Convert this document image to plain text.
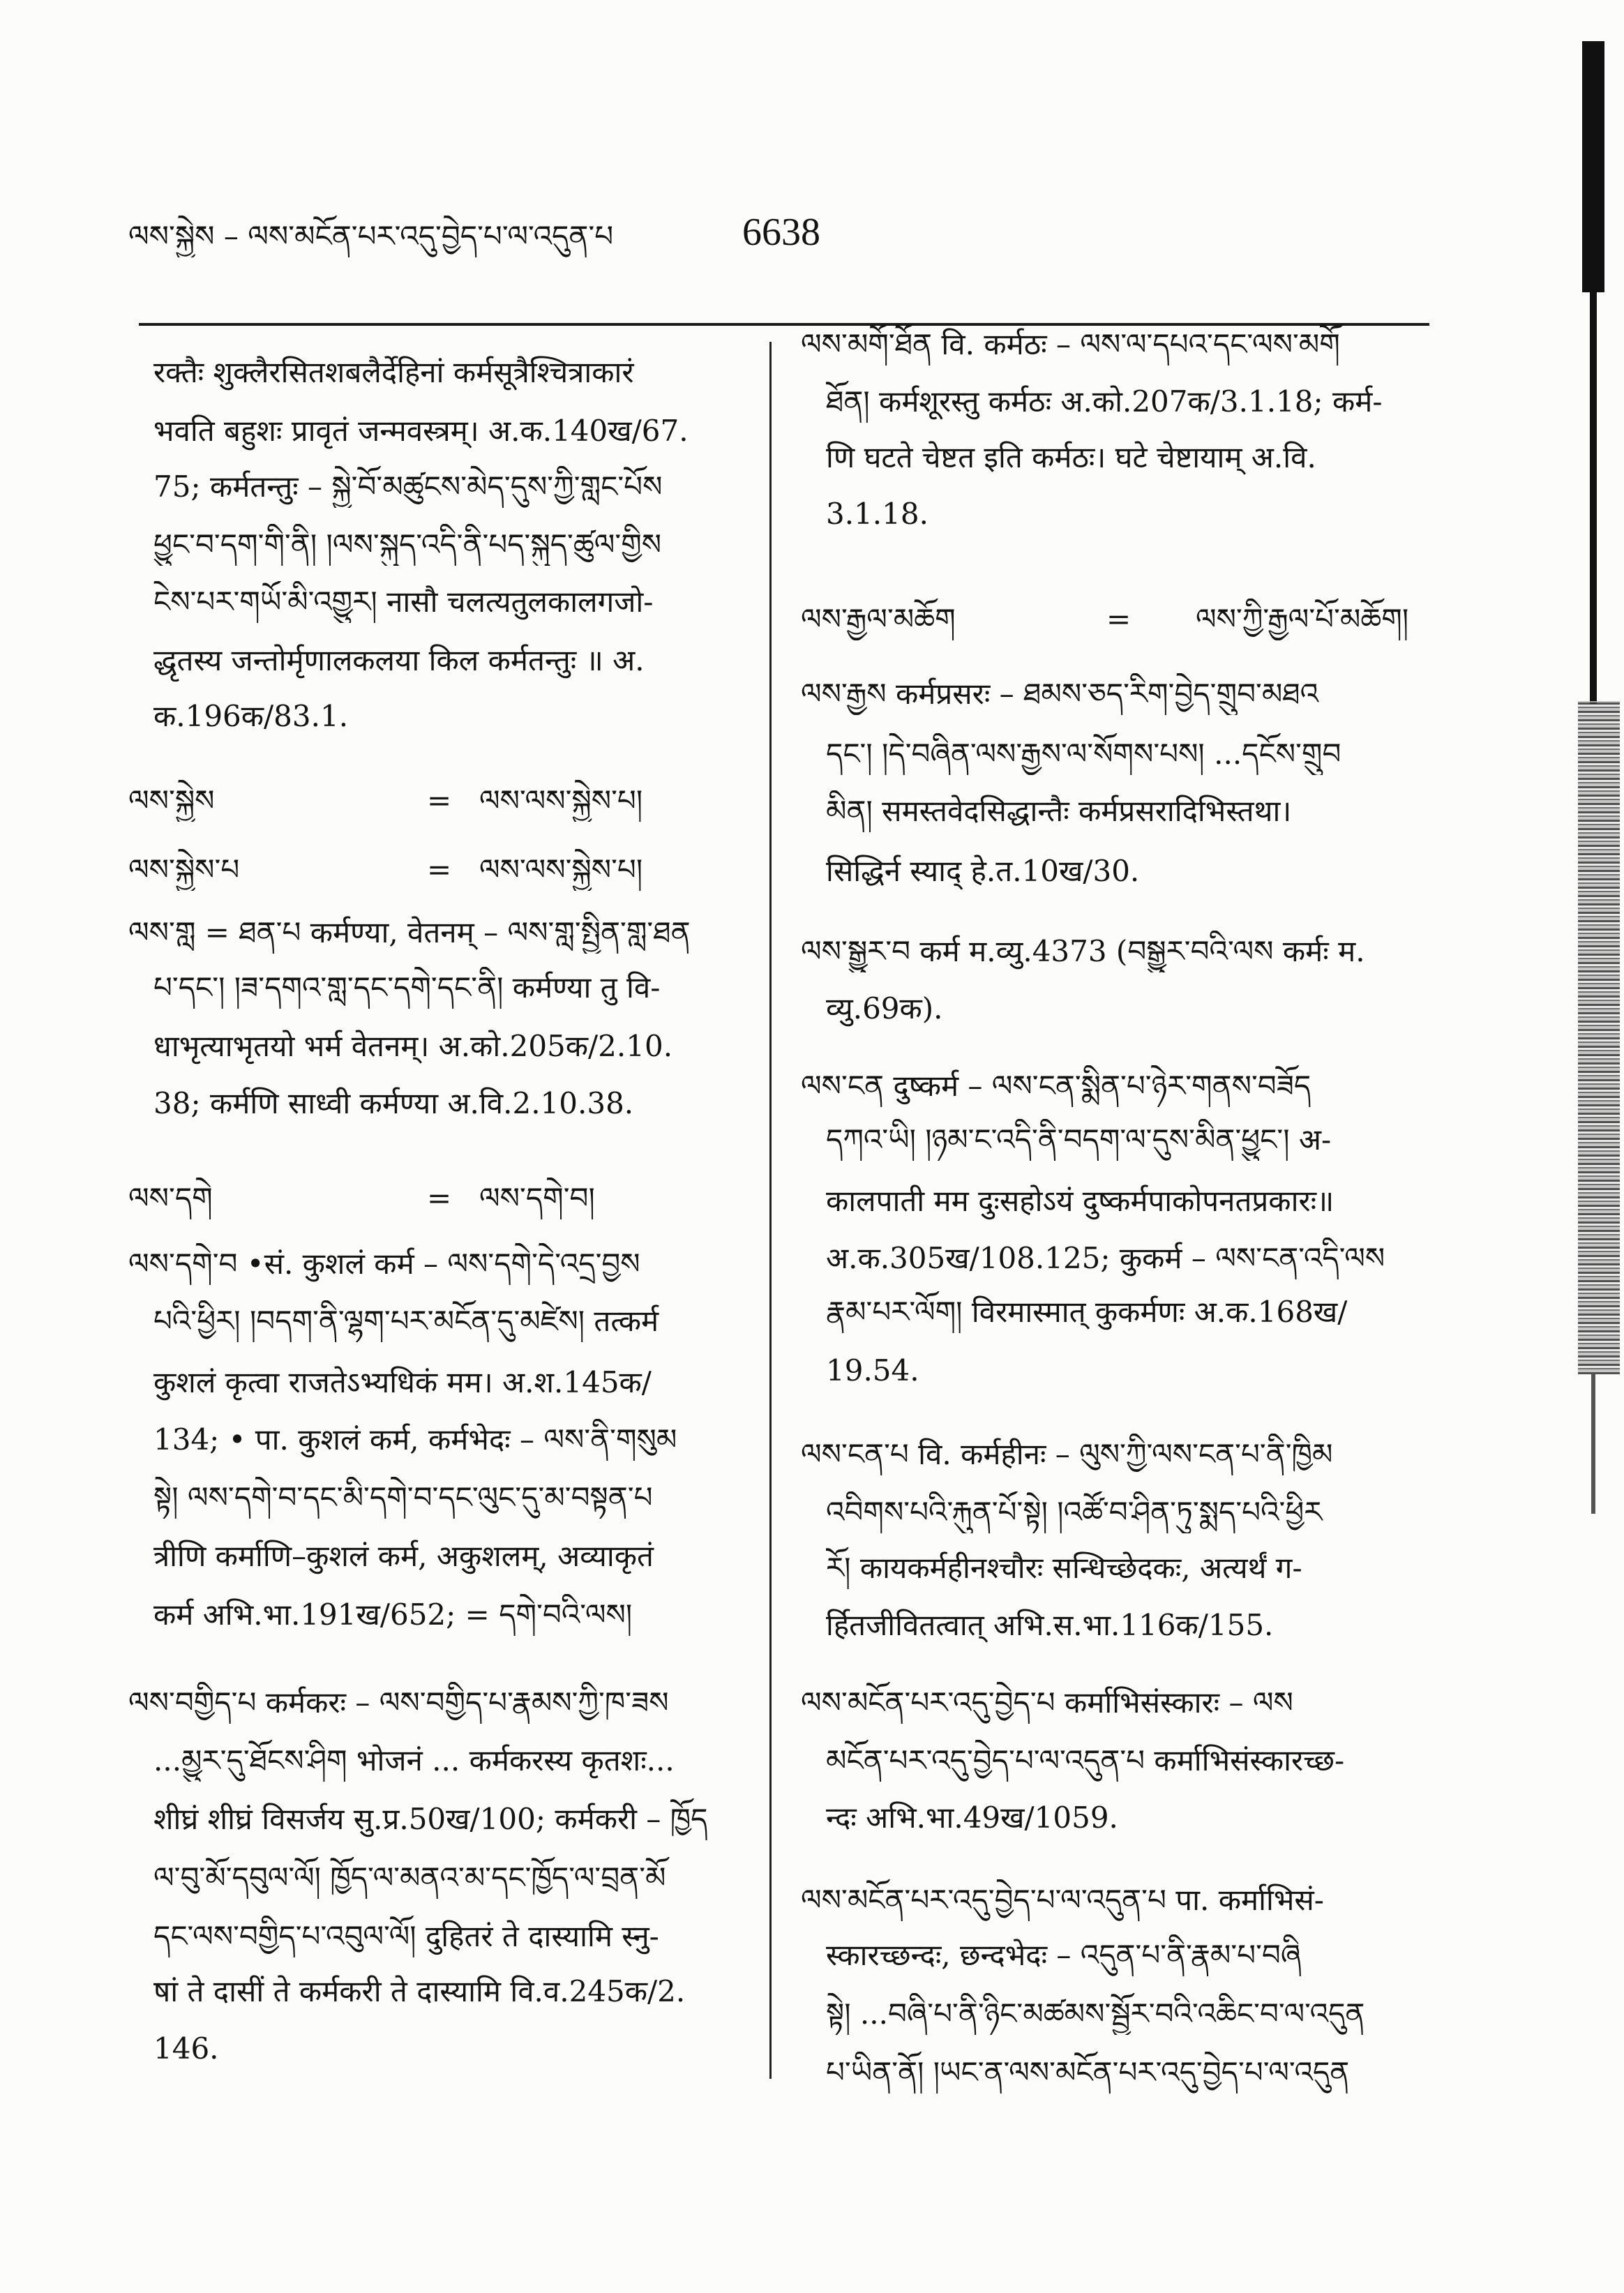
ལས་སྐྱེས – ལས་མངོན་པར་འདུ་བྱེད་པ་ལ་འདུན་པ	6638
रक्तैः शुक्लैरसितशबलैर्देहिनां कर्मसूत्रैश्चित्राकारं
भवति बहुशः प्रावृतं जन्मवस्त्रम्। अ.क.140ख/67.
75; कर्मतन्तुः – སྐྱེ་བོ་མཚུངས་མེད་དུས་ཀྱི་གླང་པོས
ཕྱུང་བ་དག་གི་ནི། །ལས་སྐུད་འདི་ནི་པད་སྐུད་ཚུལ་གྱིས
ངེས་པར་གཡོ་མི་འགྱུར། नासौ चलत्यतुलकालगजो-
द्धृतस्य जन्तोर्मृणालकलया किल कर्मतन्तुः ॥ अ.
क.196क/83.1.
ལས་སྐྱེས	= ལས་ལས་སྐྱེས་པ།
ལས་སྐྱེས་པ	= ལས་ལས་སྐྱེས་པ།
ལས་གླ = ཐན་པ कर्मण्या, वेतनम् – ལས་གླ་སྤྱིན་གླ་ཐན
པ་དང་། །ཟ་དགའ་གླ་དང་དགེ་དང་ནི། कर्मण्या तु वि-
धाभृत्याभृतयो भर्म वेतनम्। अ.को.205क/2.10.
38; कर्मणि साध्वी कर्मण्या अ.वि.2.10.38.
ལས་དགེ	= ལས་དགེ་བ།
ལས་དགེ་བ •सं. कुशलं कर्म – ལས་དགེ་དེ་འདྲ་བྱས
པའི་ཕྱིར། །བདག་ནི་ལྷག་པར་མངོན་དུ་མཛེས། तत्कर्म
कुशलं कृत्वा राजतेऽभ्यधिकं मम। अ.श.145क/
134; • पा. कुशलं कर्म, कर्मभेदः – ལས་ནི་གསུམ
སྟེ། ལས་དགེ་བ་དང་མི་དགེ་བ་དང་ལུང་དུ་མ་བསྟན་པ
त्रीणि कर्माणि–कुशलं कर्म, अकुशलम्, अव्याकृतं
कर्म अभि.भा.191ख/652; = དགེ་བའི་ལས།
ལས་བགྱིད་པ कर्मकरः – ལས་བགྱིད་པ་རྣམས་ཀྱི་ཁ་ཟས
...མྱུར་དུ་ཐོངས་ཤིག भोजनं ... कर्मकरस्य कृतशः...
शीघ्रं शीघ्रं विसर्जय सु.प्र.50ख/100; कर्मकरी – ཁྱོད
ལ་བུ་མོ་དབུལ་ལོ། ཁྱོད་ལ་མནའ་མ་དང་ཁྱོད་ལ་བྲན་མོ
དང་ལས་བགྱིད་པ་འབུལ་ལོ། दुहितरं ते दास्यामि स्नु-
षां ते दासीं ते कर्मकरी ते दास्यामि वि.व.245क/2.
146.
ལས་མགོ་ཐོན वि. कर्मठः – ལས་ལ་དཔའ་དང་ལས་མགོ
ཐོན། कर्मशूरस्तु कर्मठः अ.को.207क/3.1.18; कर्म-
णि घटते चेष्टत इति कर्मठः। घटे चेष्टायाम् अ.वि.
3.1.18.
ལས་རྒྱལ་མཆོག	= ལས་ཀྱི་རྒྱལ་པོ་མཆོག།
ལས་རྒྱས कर्मप्रसरः – ཐམས་ཅད་རིག་བྱེད་གྲུབ་མཐའ
དང་། །དེ་བཞིན་ལས་རྒྱས་ལ་སོགས་པས། ...དངོས་གྲུབ
མིན། समस्तवेदसिद्धान्तैः कर्मप्रसरादिभिस्तथा।
सिद्धिर्न स्याद् हे.त.10ख/30.
ལས་སྒྱུར་བ कर्म म.व्यु.4373 (བསྒྱུར་བའི་ལས कर्मः म.
व्यु.69क).
ལས་ངན दुष्कर्म – ལས་ངན་སྨིན་པ་ཉེར་གནས་བཟོད
དཀའ་ཡི། །ཉམ་ང་འདི་ནི་བདག་ལ་དུས་མིན་ཕྱུང་། अ-
कालपाती मम दुःसहोऽयं दुष्कर्मपाकोपनतप्रकारः॥
अ.क.305ख/108.125; कुकर्म – ལས་ངན་འདི་ལས
རྣམ་པར་ལོག། विरमास्मात् कुकर्मणः अ.क.168ख/
19.54.
ལས་ངན་པ वि. कर्महीनः – ལུས་ཀྱི་ལས་ངན་པ་ནི་ཁྱིམ
འབིགས་པའི་རྐུན་པོ་སྟེ། །འཚོ་བ་ཤིན་ཏུ་སྨད་པའི་ཕྱིར
རོ། कायकर्महीनश्चौरः सन्धिच्छेदकः, अत्यर्थं ग-
र्हितजीवितत्वात् अभि.स.भा.116क/155.
ལས་མངོན་པར་འདུ་བྱེད་པ कर्माभिसंस्कारः – ལས
མངོན་པར་འདུ་བྱེད་པ་ལ་འདུན་པ कर्माभिसंस्कारच्छ-
न्दः अभि.भा.49ख/1059.
ལས་མངོན་པར་འདུ་བྱེད་པ་ལ་འདུན་པ पा. कर्माभिसं-
स्कारच्छन्दः, छन्दभेदः – འདུན་པ་ནི་རྣམ་པ་བཞི
སྟེ། ...བཞི་པ་ནི་ཉིང་མཚམས་སྦྱོར་བའི་འཆིང་བ་ལ་འདུན
པ་ཡིན་ནོ། །ཡང་ན་ལས་མངོན་པར་འདུ་བྱེད་པ་ལ་འདུན
